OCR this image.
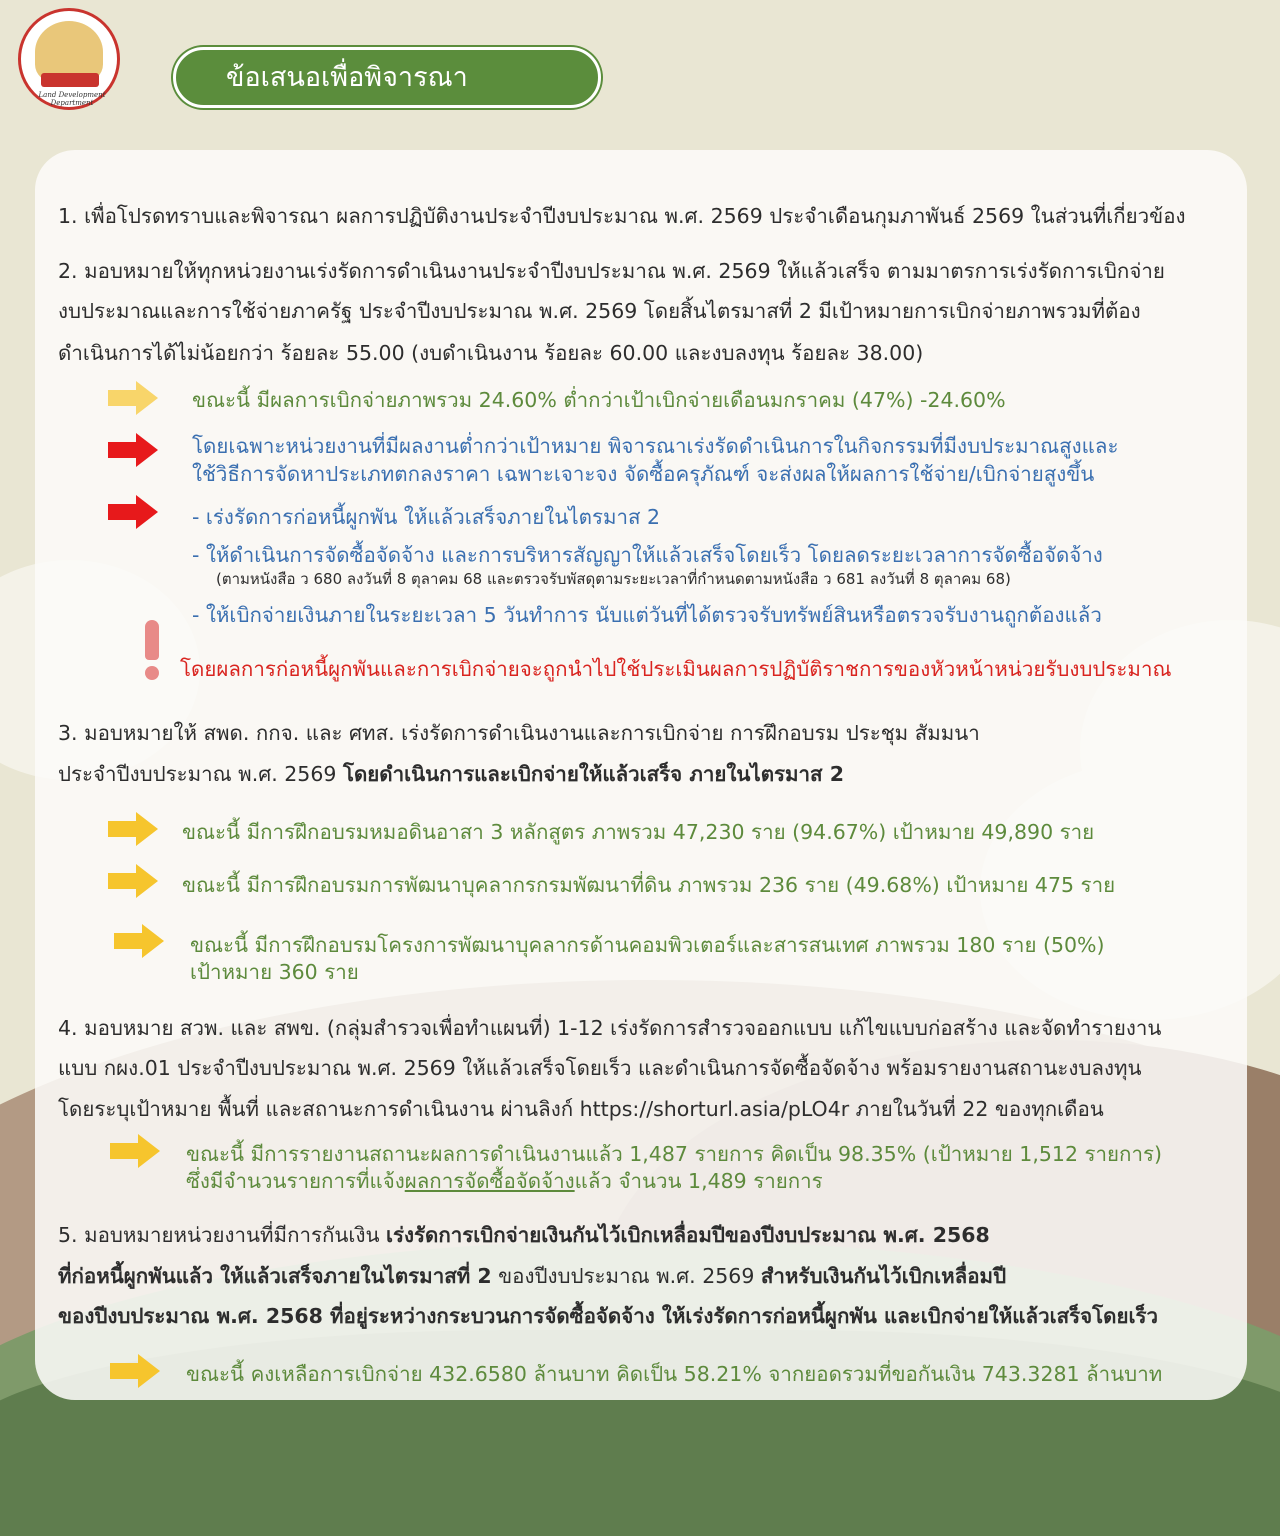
Land Development Department
ข้อเสนอเพื่อพิจารณา
1. เพื่อโปรดทราบและพิจารณา ผลการปฏิบัติงานประจำปีงบประมาณ พ.ศ. 2569 ประจำเดือนกุมภาพันธ์ 2569 ในส่วนที่เกี่ยวข้อง
2. มอบหมายให้ทุกหน่วยงานเร่งรัดการดำเนินงานประจำปีงบประมาณ พ.ศ. 2569 ให้แล้วเสร็จ ตามมาตรการเร่งรัดการเบิกจ่าย
งบประมาณและการใช้จ่ายภาครัฐ ประจำปีงบประมาณ พ.ศ. 2569 โดยสิ้นไตรมาสที่ 2 มีเป้าหมายการเบิกจ่ายภาพรวมที่ต้อง
ดำเนินการได้ไม่น้อยกว่า ร้อยละ 55.00 (งบดำเนินงาน ร้อยละ 60.00 และงบลงทุน ร้อยละ 38.00)
ขณะนี้ มีผลการเบิกจ่ายภาพรวม 24.60% ต่ำกว่าเป้าเบิกจ่ายเดือนมกราคม (47%) -24.60%
โดยเฉพาะหน่วยงานที่มีผลงานต่ำกว่าเป้าหมาย พิจารณาเร่งรัดดำเนินการในกิจกรรมที่มีงบประมาณสูงและ
ใช้วิธีการจัดหาประเภทตกลงราคา เฉพาะเจาะจง จัดซื้อครุภัณฑ์ จะส่งผลให้ผลการใช้จ่าย/เบิกจ่ายสูงขึ้น
- เร่งรัดการก่อหนี้ผูกพัน ให้แล้วเสร็จภายในไตรมาส 2
- ให้ดำเนินการจัดซื้อจัดจ้าง และการบริหารสัญญาให้แล้วเสร็จโดยเร็ว โดยลดระยะเวลาการจัดซื้อจัดจ้าง
(ตามหนังสือ ว 680 ลงวันที่ 8 ตุลาคม 68 และตรวจรับพัสดุตามระยะเวลาที่กำหนดตามหนังสือ ว 681 ลงวันที่ 8 ตุลาคม 68)
- ให้เบิกจ่ายเงินภายในระยะเวลา 5 วันทำการ นับแต่วันที่ได้ตรวจรับทรัพย์สินหรือตรวจรับงานถูกต้องแล้ว
โดยผลการก่อหนี้ผูกพันและการเบิกจ่ายจะถูกนำไปใช้ประเมินผลการปฏิบัติราชการของหัวหน้าหน่วยรับงบประมาณ
3. มอบหมายให้ สพด. กกจ. และ ศทส. เร่งรัดการดำเนินงานและการเบิกจ่าย การฝึกอบรม ประชุม สัมมนา
ประจำปีงบประมาณ พ.ศ. 2569 โดยดำเนินการและเบิกจ่ายให้แล้วเสร็จ ภายในไตรมาส 2
ขณะนี้ มีการฝึกอบรมหมอดินอาสา 3 หลักสูตร ภาพรวม 47,230 ราย (94.67%) เป้าหมาย 49,890 ราย
ขณะนี้ มีการฝึกอบรมการพัฒนาบุคลากรกรมพัฒนาที่ดิน ภาพรวม 236 ราย (49.68%) เป้าหมาย 475 ราย
ขณะนี้ มีการฝึกอบรมโครงการพัฒนาบุคลากรด้านคอมพิวเตอร์และสารสนเทศ ภาพรวม 180 ราย (50%)
เป้าหมาย 360 ราย
4. มอบหมาย สวพ. และ สพข. (กลุ่มสำรวจเพื่อทำแผนที่) 1-12 เร่งรัดการสำรวจออกแบบ แก้ไขแบบก่อสร้าง และจัดทำรายงาน
แบบ กผง.01 ประจำปีงบประมาณ พ.ศ. 2569 ให้แล้วเสร็จโดยเร็ว และดำเนินการจัดซื้อจัดจ้าง พร้อมรายงานสถานะงบลงทุน
โดยระบุเป้าหมาย พื้นที่ และสถานะการดำเนินงาน ผ่านลิงก์ https://shorturl.asia/pLO4r ภายในวันที่ 22 ของทุกเดือน
ขณะนี้ มีการรายงานสถานะผลการดำเนินงานแล้ว 1,487 รายการ คิดเป็น 98.35% (เป้าหมาย 1,512 รายการ)
ซึ่งมีจำนวนรายการที่แจ้งผลการจัดซื้อจัดจ้างแล้ว จำนวน 1,489 รายการ
5. มอบหมายหน่วยงานที่มีการกันเงิน เร่งรัดการเบิกจ่ายเงินกันไว้เบิกเหลื่อมปีของปีงบประมาณ พ.ศ. 2568
ที่ก่อหนี้ผูกพันแล้ว ให้แล้วเสร็จภายในไตรมาสที่ 2 ของปีงบประมาณ พ.ศ. 2569 สำหรับเงินกันไว้เบิกเหลื่อมปี
ของปีงบประมาณ พ.ศ. 2568 ที่อยู่ระหว่างกระบวนการจัดซื้อจัดจ้าง ให้เร่งรัดการก่อหนี้ผูกพัน และเบิกจ่ายให้แล้วเสร็จโดยเร็ว
ขณะนี้ คงเหลือการเบิกจ่าย 432.6580 ล้านบาท คิดเป็น 58.21% จากยอดรวมที่ขอกันเงิน 743.3281 ล้านบาท
